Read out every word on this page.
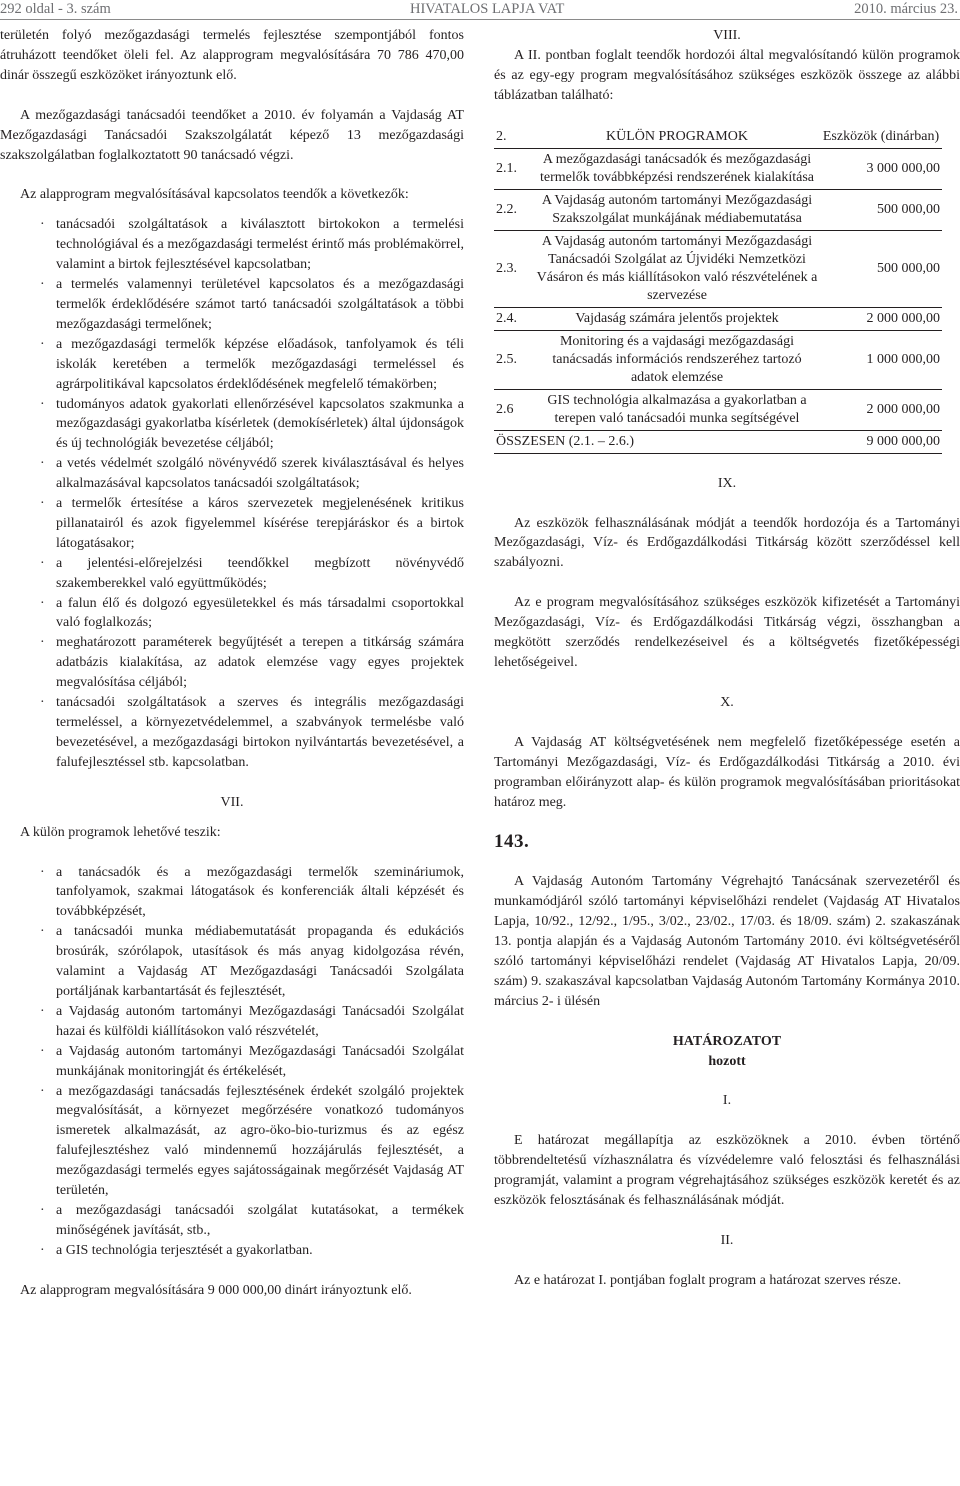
292 oldal - 3. szám	HIVATALOS LAPJA VAT	2010. március 23.

területén folyó mezőgazdasági termelés fejlesztése szempontjából fontos átruházott teendőket öleli fel. Az alapprogram megvalósítására 70 786 470,00 dinár összegű eszközöket irányoztunk elő.

A mezőgazdasági tanácsadói teendőket a 2010. év folyamán a Vajdaság AT Mezőgazdasági Tanácsadói Szakszolgálatát képező 13 mezőgazdasági szakszolgálatban foglalkoztatott 90 tanácsadó végzi.

Az alapprogram megvalósításával kapcsolatos teendők a következők:

· tanácsadói szolgáltatások a kiválasztott birtokokon a termelési technológiával és a mezőgazdasági termelést érintő más problémakörrel, valamint a birtok fejlesztésével kapcsolatban;
· a termelés valamennyi területével kapcsolatos és a mezőgazdasági termelők érdeklődésére számot tartó tanácsadói szolgáltatások a többi mezőgazdasági termelőnek;
· a mezőgazdasági termelők képzése előadások, tanfolyamok és téli iskolák keretében a termelők mezőgazdasági termeléssel és agrárpolitikával kapcsolatos érdeklődésének megfelelő témakörben;
· tudományos adatok gyakorlati ellenőrzésével kapcsolatos szakmunka a mezőgazdasági gyakorlatba kísérletek (demokísérletek) által újdonságok és új technológiák bevezetése céljából;
· a vetés védelmét szolgáló növényvédő szerek kiválasztásával és helyes alkalmazásával kapcsolatos tanácsadói szolgáltatások;
· a termelők értesítése a káros szervezetek megjelenésének kritikus pillanatairól és azok figyelemmel kísérése terepjáráskor és a birtok látogatásakor;
· a jelentési-előrejelzési teendőkkel megbízott növényvédő szakemberekkel való együttműködés;
· a falun élő és dolgozó egyesületekkel és más társadalmi csoportokkal való foglalkozás;
· meghatározott paraméterek begyűjtését a terepen a titkárság számára adatbázis kialakítása, az adatok elemzése vagy egyes projektek megvalósítása céljából;
· tanácsadói szolgáltatások a szerves és integrális mezőgazdasági termeléssel, a környezetvédelemmel, a szabványok termelésbe való bevezetésével, a mezőgazdasági birtokon nyilvántartás bevezetésével, a falufejlesztéssel stb. kapcsolatban.

VII.

A külön programok lehetővé teszik:

· a tanácsadók és a mezőgazdasági termelők szemináriumok, tanfolyamok, szakmai látogatások és konferenciák általi képzését és továbbképzését,
· a tanácsadói munka médiabemutatását propaganda és edukációs brosúrák, szórólapok, utasítások és más anyag kidolgozása révén, valamint a Vajdaság AT Mezőgazdasági Tanácsadói Szolgálata portáljának karbantartását és fejlesztését,
· a Vajdaság autonóm tartományi Mezőgazdasági Tanácsadói Szolgálat hazai és külföldi kiállításokon való részvételét,
· a Vajdaság autonóm tartományi Mezőgazdasági Tanácsadói Szolgálat munkájának monitoringját és értékelését,
· a mezőgazdasági tanácsadás fejlesztésének érdekét szolgáló projektek megvalósítását, a környezet megőrzésére vonatkozó tudományos ismeretek alkalmazását, az agro-öko-bio-turizmus és az egész falufejlesztéshez való mindennemű hozzájárulás fejlesztését, a mezőgazdasági termelés egyes sajátosságainak megőrzését Vajdaság AT területén,
· a mezőgazdasági tanácsadói szolgálat kutatásokat, a termékek minőségének javítását, stb.,
· a GIS technológia terjesztését a gyakorlatban.

Az alapprogram megvalósítására 9 000 000,00 dinárt irányoztunk elő.

VIII.

A II. pontban foglalt teendők hordozói által megvalósítandó külön programok és az egy-egy program megvalósításához szükséges eszközök összege az alábbi táblázatban található:

2.	KÜLÖN PROGRAMOK	Eszközök (dinárban)
2.1.	A mezőgazdasági tanácsadók és mezőgazdasági termelők továbbképzési rendszerének kialakítása	3 000 000,00
2.2.	A Vajdaság autonóm tartományi Mezőgazdasági Szakszolgálat munkájának médiabemutatása	500 000,00
2.3.	A Vajdaság autonóm tartományi Mezőgazdasági Tanácsadói Szolgálat az Újvidéki Nemzetközi Vásáron és más kiállításokon való részvételének a szervezése	500 000,00
2.4.	Vajdaság számára jelentős projektek	2 000 000,00
2.5.	Monitoring és a vajdasági mezőgazdasági tanácsadás információs rendszeréhez tartozó adatok elemzése	1 000 000,00
2.6	GIS technológia alkalmazása a gyakorlatban a terepen való tanácsadói munka segítségével	2 000 000,00
ÖSSZESEN (2.1. – 2.6.)		9 000 000,00

IX.

Az eszközök felhasználásának módját a teendők hordozója és a Tartományi Mezőgazdasági, Víz- és Erdőgazdálkodási Titkárság között szerződéssel kell szabályozni.

Az e program megvalósításához szükséges eszközök kifizetését a Tartományi Mezőgazdasági, Víz- és Erdőgazdálkodási Titkárság végzi, összhangban a megkötött szerződés rendelkezéseivel és a költségvetés fizetőképességi lehetőségeivel.

X.

A Vajdaság AT költségvetésének nem megfelelő fizetőképessége esetén a Tartományi Mezőgazdasági, Víz- és Erdőgazdálkodási Titkárság a 2010. évi programban előirányzott alap- és külön programok megvalósításában prioritásokat határoz meg.

143.

A Vajdaság Autonóm Tartomány Végrehajtó Tanácsának szervezetéről és munkamódjáról szóló tartományi képviselőházi rendelet (Vajdaság AT Hivatalos Lapja, 10/92., 12/92., 1/95., 3/02., 23/02., 17/03. és 18/09. szám) 2. szakaszának 13. pontja alapján és a Vajdaság Autonóm Tartomány 2010. évi költségvetéséről szóló tartományi képviselőházi rendelet (Vajdaság AT Hivatalos Lapja, 20/09. szám) 9. szakaszával kapcsolatban Vajdaság Autonóm Tartomány Kormánya 2010. március 2- i ülésén

HATÁROZATOT

hozott

I.

E határozat megállapítja az eszközöknek a 2010. évben történő többrendeltetésű vízhasználatra és vízvédelemre való felosztási és felhasználási programját, valamint a program végrehajtásához szükséges eszközök keretét és az eszközök felosztásának és felhasználásának módját.

II.

Az e határozat I. pontjában foglalt program a határozat szerves része.
